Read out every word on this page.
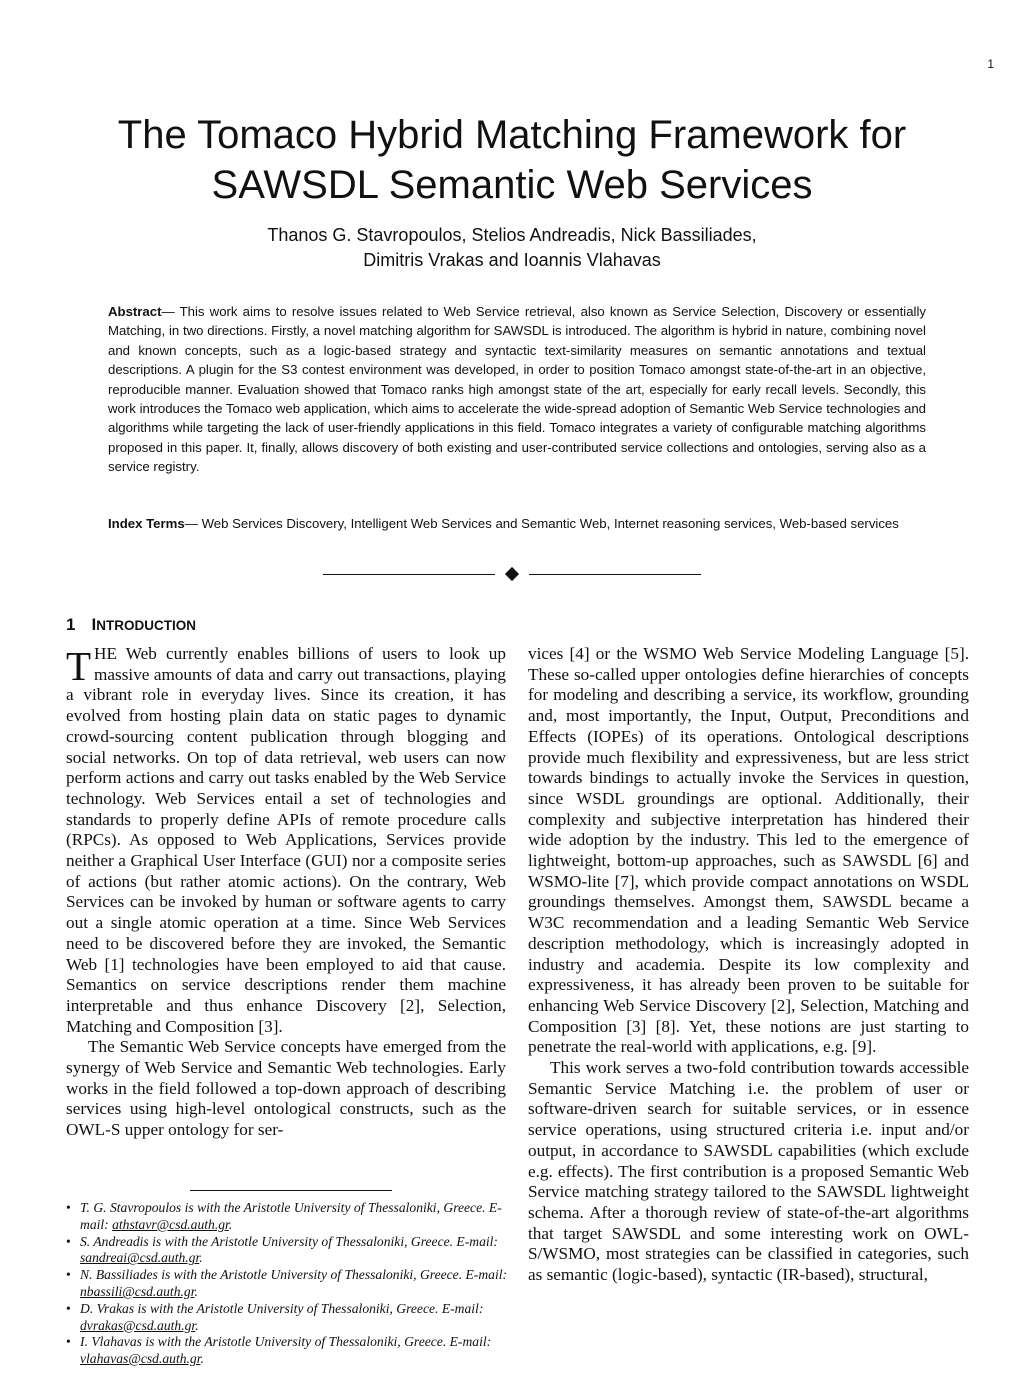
1
The Tomaco Hybrid Matching Framework for
SAWSDL Semantic Web Services
Thanos G. Stavropoulos, Stelios Andreadis, Nick Bassiliades,
Dimitris Vrakas and Ioannis Vlahavas
Abstract— This work aims to resolve issues related to Web Service retrieval, also known as Service Selection, Discovery or essentially Matching, in two directions. Firstly, a novel matching algorithm for SAWSDL is introduced. The algorithm is hybrid in nature, combining novel and known concepts, such as a logic-based strategy and syntactic text-similarity measures on semantic annotations and textual descriptions. A plugin for the S3 contest environment was developed, in order to position Tomaco amongst state-of-the-art in an objective, reproducible manner. Evaluation showed that Tomaco ranks high amongst state of the art, especially for early recall levels. Secondly, this work introduces the Tomaco web application, which aims to accelerate the wide-spread adoption of Semantic Web Service technologies and algorithms while targeting the lack of user-friendly applications in this field. Tomaco integrates a variety of configurable matching algorithms proposed in this paper. It, finally, allows discovery of both existing and user-contributed service collections and ontologies, serving also as a service registry.
Index Terms— Web Services Discovery, Intelligent Web Services and Semantic Web, Internet reasoning services, Web-based services
1 INTRODUCTION

THE Web currently enables billions of users to look up massive amounts of data and carry out transactions, playing a vibrant role in everyday lives. Since its creation, it has evolved from hosting plain data on static pages to dynamic crowd-sourcing content publication through blogging and social networks. On top of data retrieval, web users can now perform actions and carry out tasks enabled by the Web Service technology. Web Services entail a set of technologies and standards to properly define APIs of remote procedure calls (RPCs). As opposed to Web Applications, Services provide neither a Graphical User Interface (GUI) nor a composite series of actions (but rather atomic actions). On the contrary, Web Services can be invoked by human or software agents to carry out a single atomic operation at a time. Since Web Services need to be discovered before they are invoked, the Semantic Web [1] technologies have been employed to aid that cause. Semantics on service descriptions render them machine interpretable and thus enhance Discovery [2], Selection, Matching and Composition [3].

The Semantic Web Service concepts have emerged from the synergy of Web Service and Semantic Web technologies. Early works in the field followed a top-down approach of describing services using high-level ontological constructs, such as the OWL-S upper ontology for ser-

vices [4] or the WSMO Web Service Modeling Language [5]. These so-called upper ontologies define hierarchies of concepts for modeling and describing a service, its workflow, grounding and, most importantly, the Input, Output, Preconditions and Effects (IOPEs) of its operations. Ontological descriptions provide much flexibility and expressiveness, but are less strict towards bindings to actually invoke the Services in question, since WSDL groundings are optional. Additionally, their complexity and subjective interpretation has hindered their wide adoption by the industry. This led to the emergence of lightweight, bottom-up approaches, such as SAWSDL [6] and WSMO-lite [7], which provide compact annotations on WSDL groundings themselves. Amongst them, SAWSDL became a W3C recommendation and a leading Semantic Web Service description methodology, which is increasingly adopted in industry and academia. Despite its low complexity and expressiveness, it has already been proven to be suitable for enhancing Web Service Discovery [2], Selection, Matching and Composition [3] [8]. Yet, these notions are just starting to penetrate the real-world with applications, e.g. [9].

This work serves a two-fold contribution towards accessible Semantic Service Matching i.e. the problem of user or software-driven search for suitable services, or in essence service operations, using structured criteria i.e. input and/or output, in accordance to SAWSDL capabilities (which exclude e.g. effects). The first contribution is a proposed Semantic Web Service matching strategy tailored to the SAWSDL lightweight schema. After a thorough review of state-of-the-art algorithms that target SAWSDL and some interesting work on OWL-S/WSMO, most strategies can be classified in categories, such as semantic (logic-based), syntactic (IR-based), structural,

• T. G. Stavropoulos is with the Aristotle University of Thessaloniki, Greece. E-mail: athstavr@csd.auth.gr.
• S. Andreadis is with the Aristotle University of Thessaloniki, Greece. E-mail: sandreai@csd.auth.gr.
• N. Bassiliades is with the Aristotle University of Thessaloniki, Greece. E-mail: nbassili@csd.auth.gr.
• D. Vrakas is with the Aristotle University of Thessaloniki, Greece. E-mail: dvrakas@csd.auth.gr.
• I. Vlahavas is with the Aristotle University of Thessaloniki, Greece. E-mail: vlahavas@csd.auth.gr.
